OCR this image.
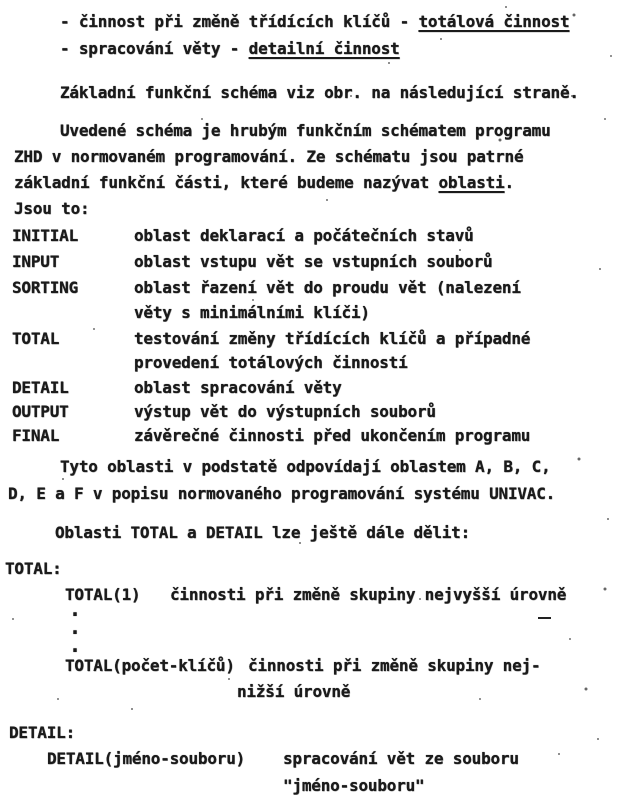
- činnost při změně třídících klíčů - totálová činnost
- spracování věty - detailní činnost
Základní funkční schéma viz obr. na následující straně.
Uvedené schéma je hrubým funkčním schématem programu
ZHD v normovaném programování. Ze schématu jsou patrné
základní funkční části, které budeme nazývat oblasti.
Jsou to:
INITIAL	oblast deklarací a počátečních stavů
INPUT	oblast vstupu vět se vstupních souborů
SORTING	oblast řazení vět do proudu vět (nalezení
věty s minimálními klíči)
TOTAL	testování změny třídících klíčů a případné
provedení totálových činností
DETAIL	oblast spracování věty
OUTPUT	výstup vět do výstupních souborů
FINAL	závěrečné činnosti před ukončením programu
Tyto oblasti v podstatě odpovídají oblastem A, B, C,
D, E a F v popisu normovaného programování systému UNIVAC.
Oblasti TOTAL a DETAIL lze ještě dále dělit:
TOTAL:
TOTAL(1) činnosti při změně skupiny nejvyšší úrovně
.
.
.
TOTAL(počet-klíčů) činnosti při změně skupiny nej-
nižší úrovně
DETAIL:
DETAIL(jméno-souboru) spracování vět ze souboru
"jméno-souboru"
